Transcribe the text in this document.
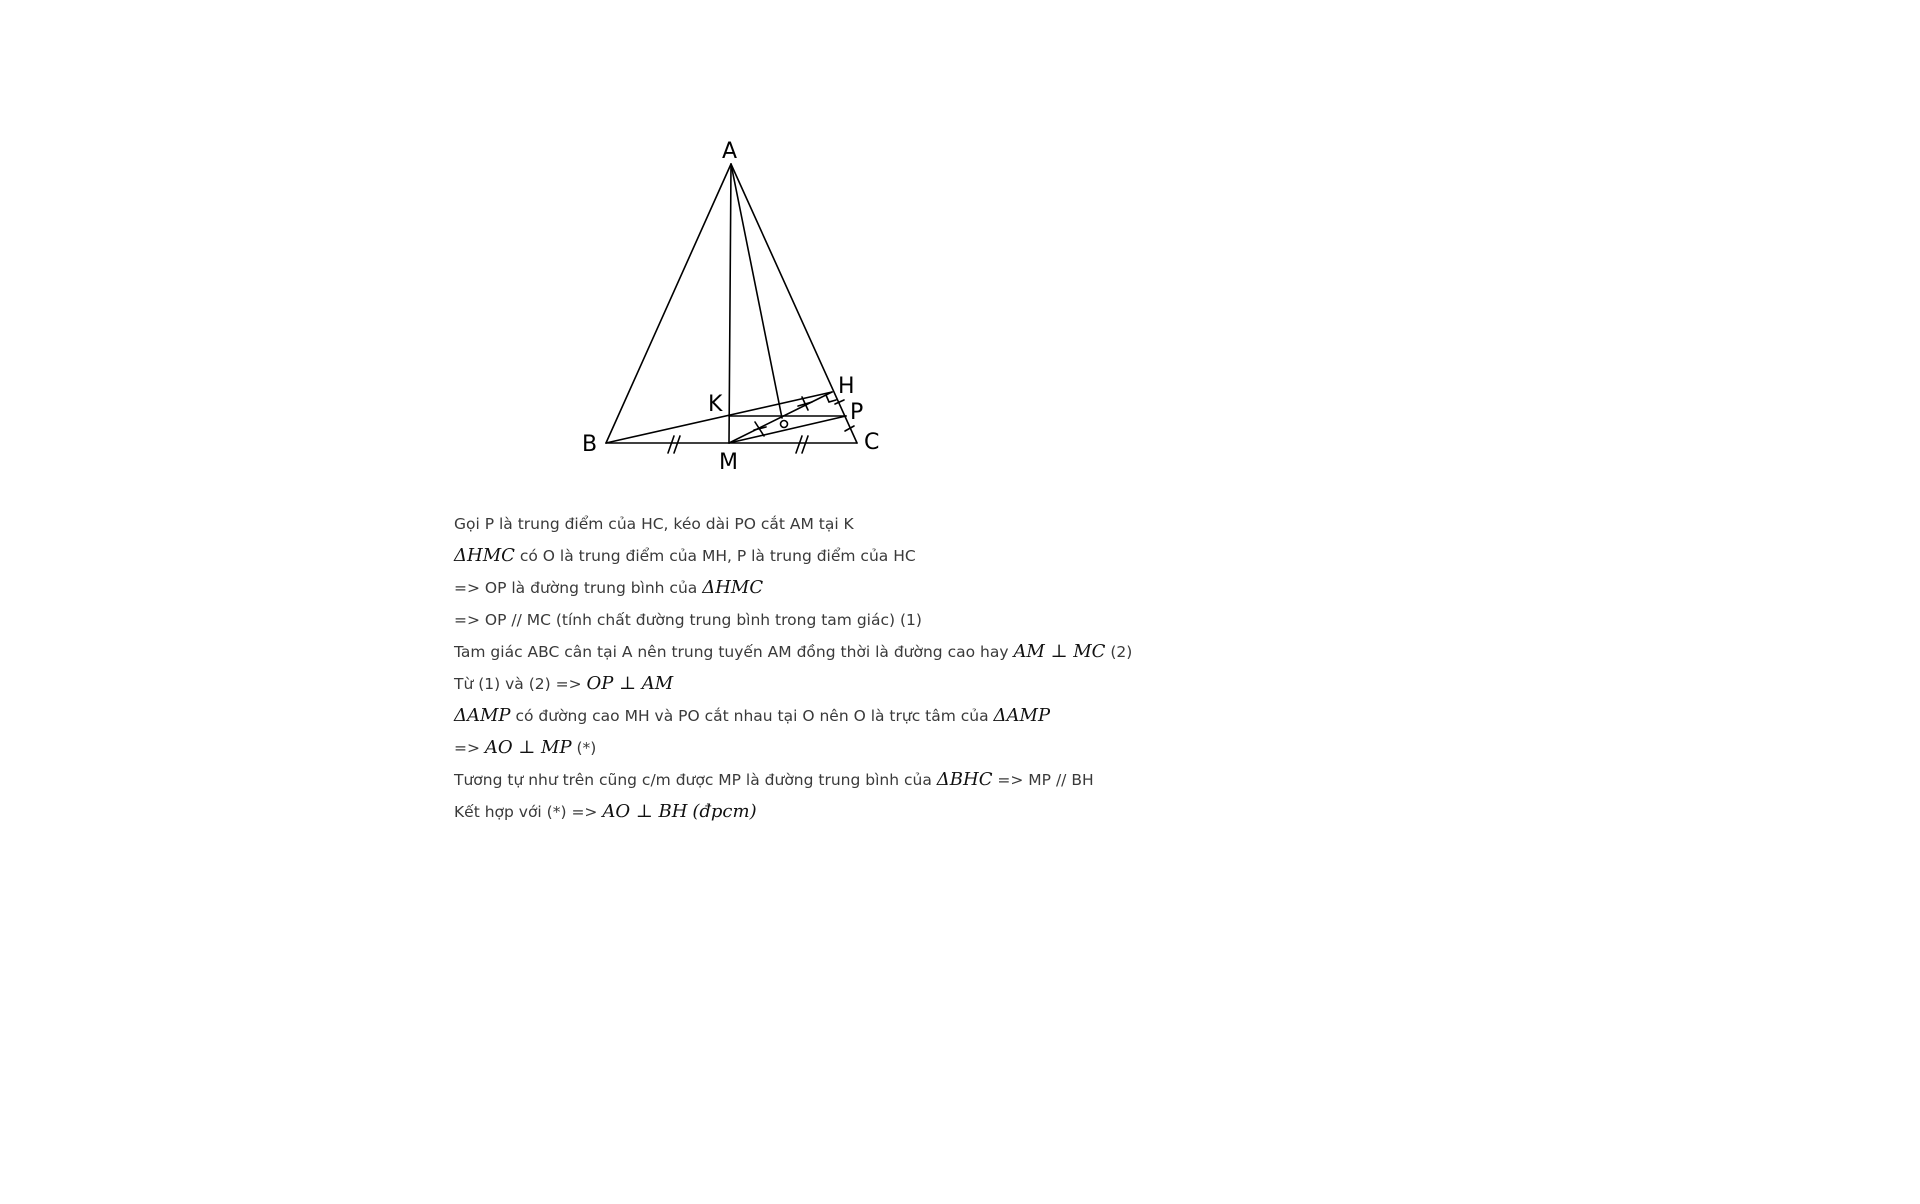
A
B	C
H
K
M
P
Gọi P là trung điểm của HC, kéo dài PO cắt AM tại K
ΔHMC có O là trung điểm của MH, P là trung điểm của HC
=> OP là đường trung bình của ΔHMC
=> OP // MC (tính chất đường trung bình trong tam giác) (1)
Tam giác ABC cân tại A nên trung tuyến AM đồng thời là đường cao hay AM ⊥ MC (2)
Từ (1) và (2) => OP ⊥ AM
ΔAMP có đường cao MH và PO cắt nhau tại O nên O là trực tâm của ΔAMP
=> AO ⊥ MP (*)
Tương tự như trên cũng c/m được MP là đường trung bình của ΔBHC => MP // BH
Kết hợp với (*) => AO ⊥ BH (đpcm)
